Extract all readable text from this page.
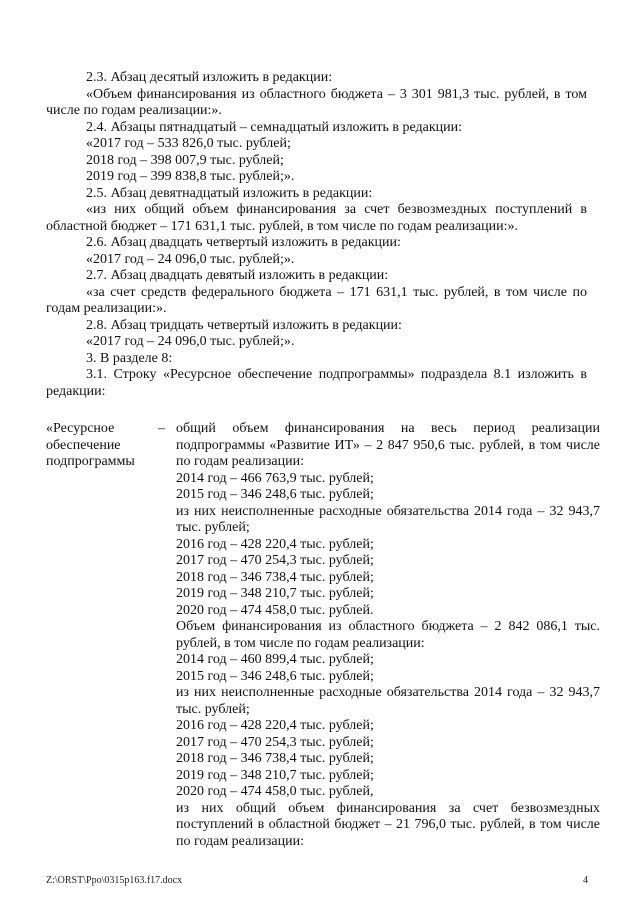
2.3. Абзац десятый изложить в редакции:

«Объем финансирования из областного бюджета – 3 301 981,3 тыс. рублей, в том числе по годам реализации:».

2.4. Абзацы пятнадцатый – семнадцатый изложить в редакции:

«2017 год – 533 826,0 тыс. рублей;

2018 год – 398 007,9 тыс. рублей;

2019 год – 399 838,8 тыс. рублей;».

2.5. Абзац девятнадцатый изложить в редакции:

«из них общий объем финансирования за счет безвозмездных поступлений в областной бюджет – 171 631,1 тыс. рублей, в том числе по годам реализации:».

2.6. Абзац двадцать четвертый изложить в редакции:

«2017 год – 24 096,0 тыс. рублей;».

2.7. Абзац двадцать девятый изложить в редакции:

«за счет средств федерального бюджета – 171 631,1 тыс. рублей, в том числе по годам реализации:».

2.8. Абзац тридцать четвертый изложить в редакции:

«2017 год – 24 096,0 тыс. рублей;».

3. В разделе 8:

3.1. Строку «Ресурсное обеспечение подпрограммы» подраздела 8.1 изложить в редакции:

«Ресурсное
обеспечение
подпрограммы
– общий объем финансирования на весь период реализации подпрограммы «Развитие ИТ» – 2 847 950,6 тыс. рублей, в том числе по годам реализации:

2014 год – 466 763,9 тыс. рублей;

2015 год – 346 248,6 тыс. рублей;

из них неисполненные расходные обязательства 2014 года – 32 943,7 тыс. рублей;

2016 год – 428 220,4 тыс. рублей;

2017 год – 470 254,3 тыс. рублей;

2018 год – 346 738,4 тыс. рублей;

2019 год – 348 210,7 тыс. рублей;

2020 год – 474 458,0 тыс. рублей.

Объем финансирования из областного бюджета – 2 842 086,1 тыс. рублей, в том числе по годам реализации:

2014 год – 460 899,4 тыс. рублей;

2015 год – 346 248,6 тыс. рублей;

из них неисполненные расходные обязательства 2014 года – 32 943,7 тыс. рублей;

2016 год – 428 220,4 тыс. рублей;

2017 год – 470 254,3 тыс. рублей;

2018 год – 346 738,4 тыс. рублей;

2019 год – 348 210,7 тыс. рублей;

2020 год – 474 458,0 тыс. рублей,

из них общий объем финансирования за счет безвозмездных поступлений в областной бюджет – 21 796,0 тыс. рублей, в том числе по годам реализации:

Z:\ORST\Ppo\0315p163.f17.docx	4
